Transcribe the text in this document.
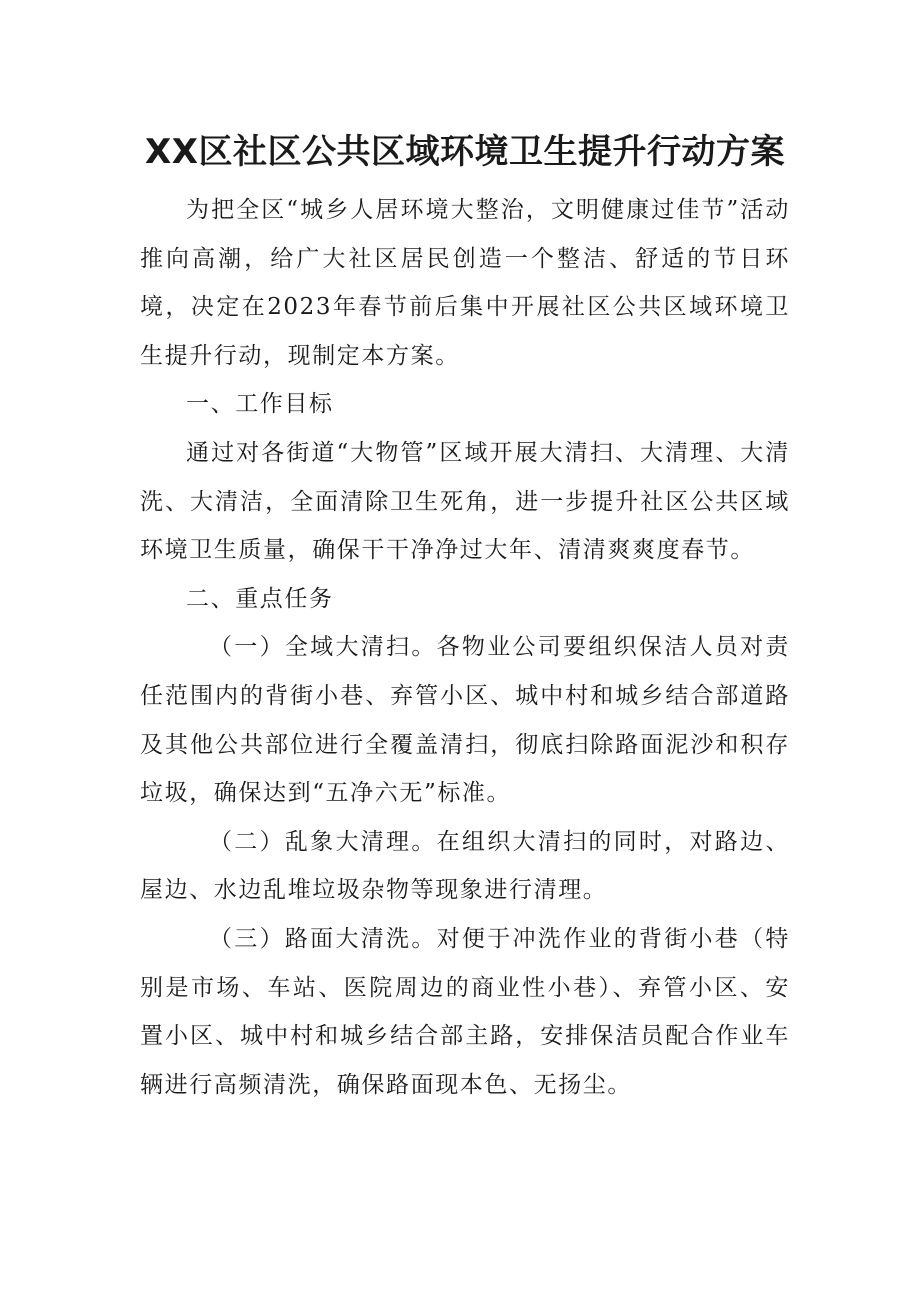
XX区社区公共区域环境卫生提升行动方案

为把全区“城乡人居环境大整治，文明健康过佳节”活动推向高潮，给广大社区居民创造一个整洁、舒适的节日环境，决定在2023年春节前后集中开展社区公共区域环境卫生提升行动，现制定本方案。

一、工作目标

通过对各街道“大物管”区域开展大清扫、大清理、大清洗、大清洁，全面清除卫生死角，进一步提升社区公共区域环境卫生质量，确保干干净净过大年、清清爽爽度春节。

二、重点任务

（一）全域大清扫。各物业公司要组织保洁人员对责任范围内的背街小巷、弃管小区、城中村和城乡结合部道路及其他公共部位进行全覆盖清扫，彻底扫除路面泥沙和积存垃圾，确保达到“五净六无”标准。

（二）乱象大清理。在组织大清扫的同时，对路边、屋边、水边乱堆垃圾杂物等现象进行清理。

（三）路面大清洗。对便于冲洗作业的背街小巷（特别是市场、车站、医院周边的商业性小巷）、弃管小区、安置小区、城中村和城乡结合部主路，安排保洁员配合作业车辆进行高频清洗，确保路面现本色、无扬尘。
